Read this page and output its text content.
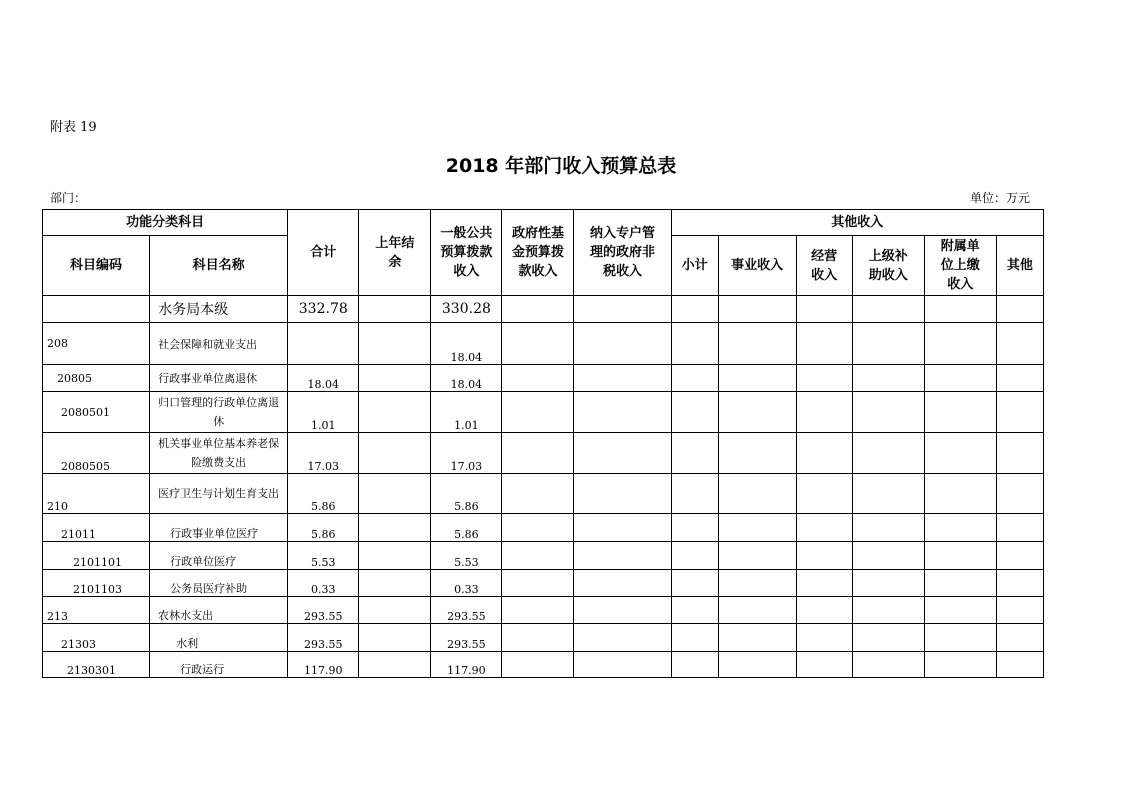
附表 19
2018 年部门收入预算总表
部门：	单位：万元
功能分类科目		合计	上年结余	一般公共预算拨款收入	政府性基金预算拨款收入	纳入专户管理的政府非税收入	其他收入					
科目编码	科目名称						小计	事业收入	经营收入	上级补助收入	附属单位上缴收入	其他
	水务局本级	332.78		330.28								
208	社会保障和就业支出			18.04								
20805	行政事业单位离退休	18.04		18.04								
2080501	归口管理的行政单位离退休	1.01		1.01								
2080505	机关事业单位基本养老保险缴费支出	17.03		17.03								
210	医疗卫生与计划生育支出	5.86		5.86								
21011	行政事业单位医疗	5.86		5.86								
2101101	行政单位医疗	5.53		5.53								
2101103	公务员医疗补助	0.33		0.33								
213	农林水支出	293.55		293.55								
21303	水利	293.55		293.55								
2130301	行政运行	117.90		117.90								
